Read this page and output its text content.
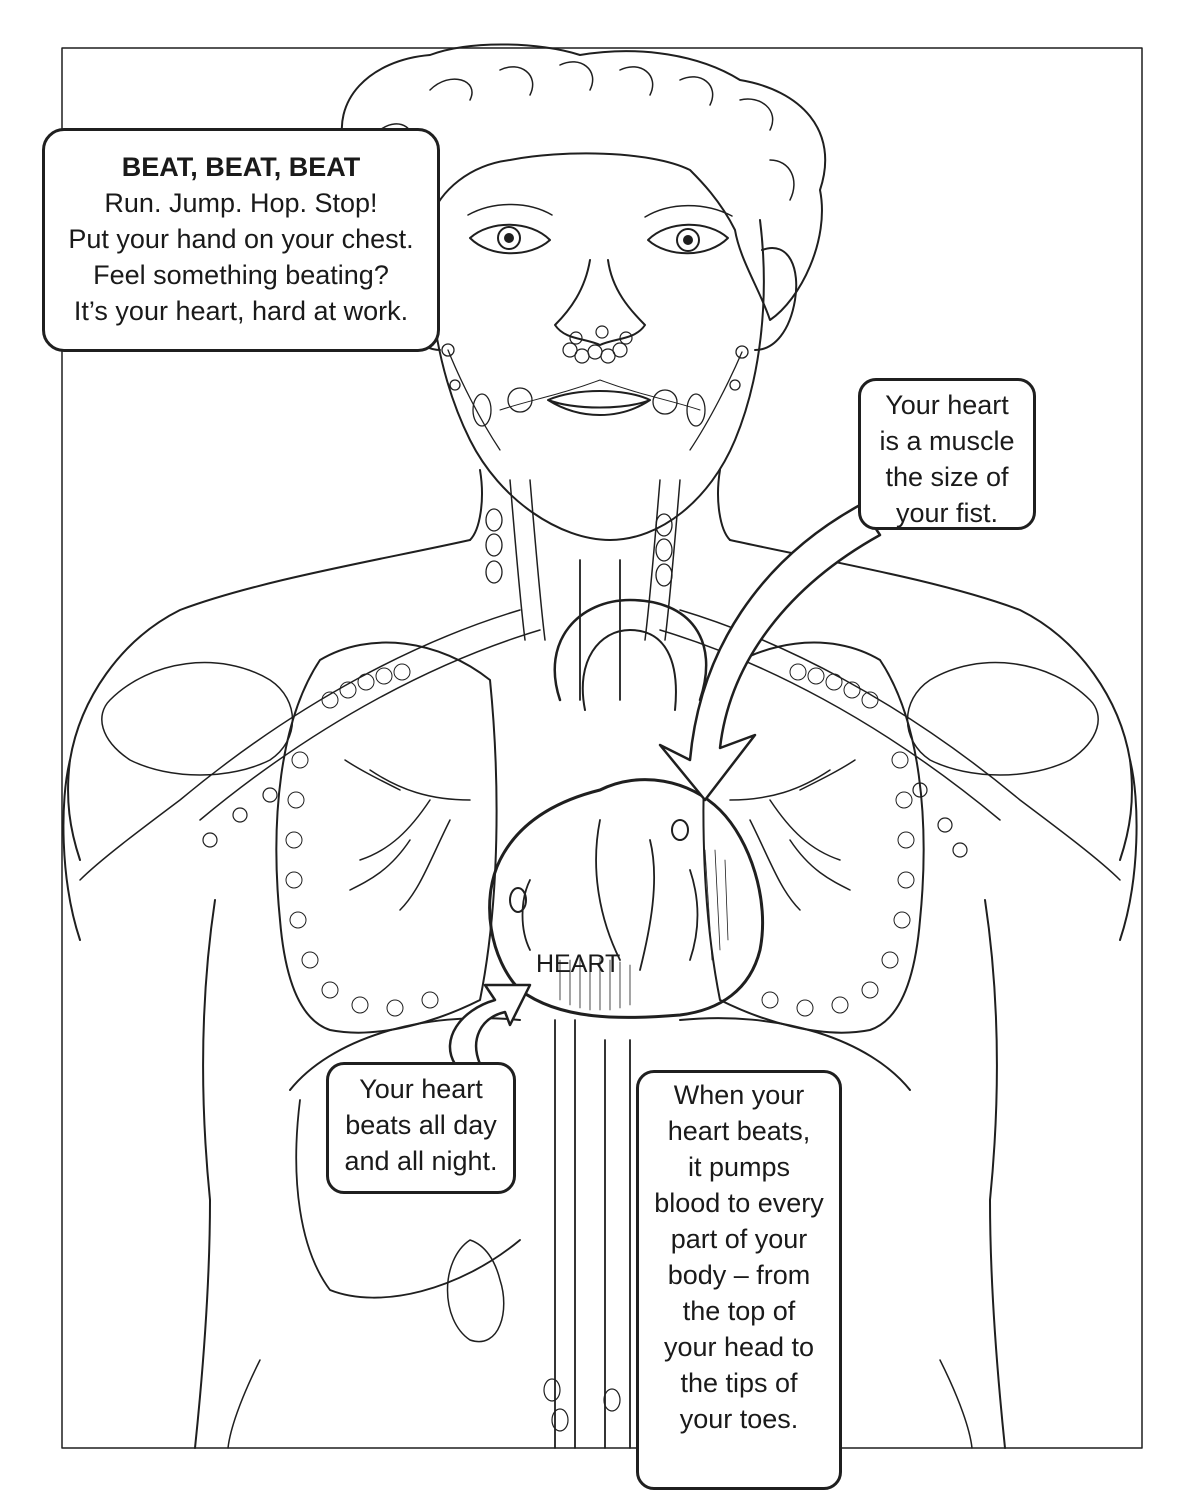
BEAT, BEAT, BEAT
Run. Jump. Hop. Stop!
Put your hand on your chest.
Feel something beating?
It’s your heart, hard at work.
Your heart
is a muscle
the size of
your fist.
Your heart
beats all day
and all night.
When your
heart beats,
it pumps
blood to every
part of your
body – from
the top of
your head to
the tips of
your toes.
HEART
